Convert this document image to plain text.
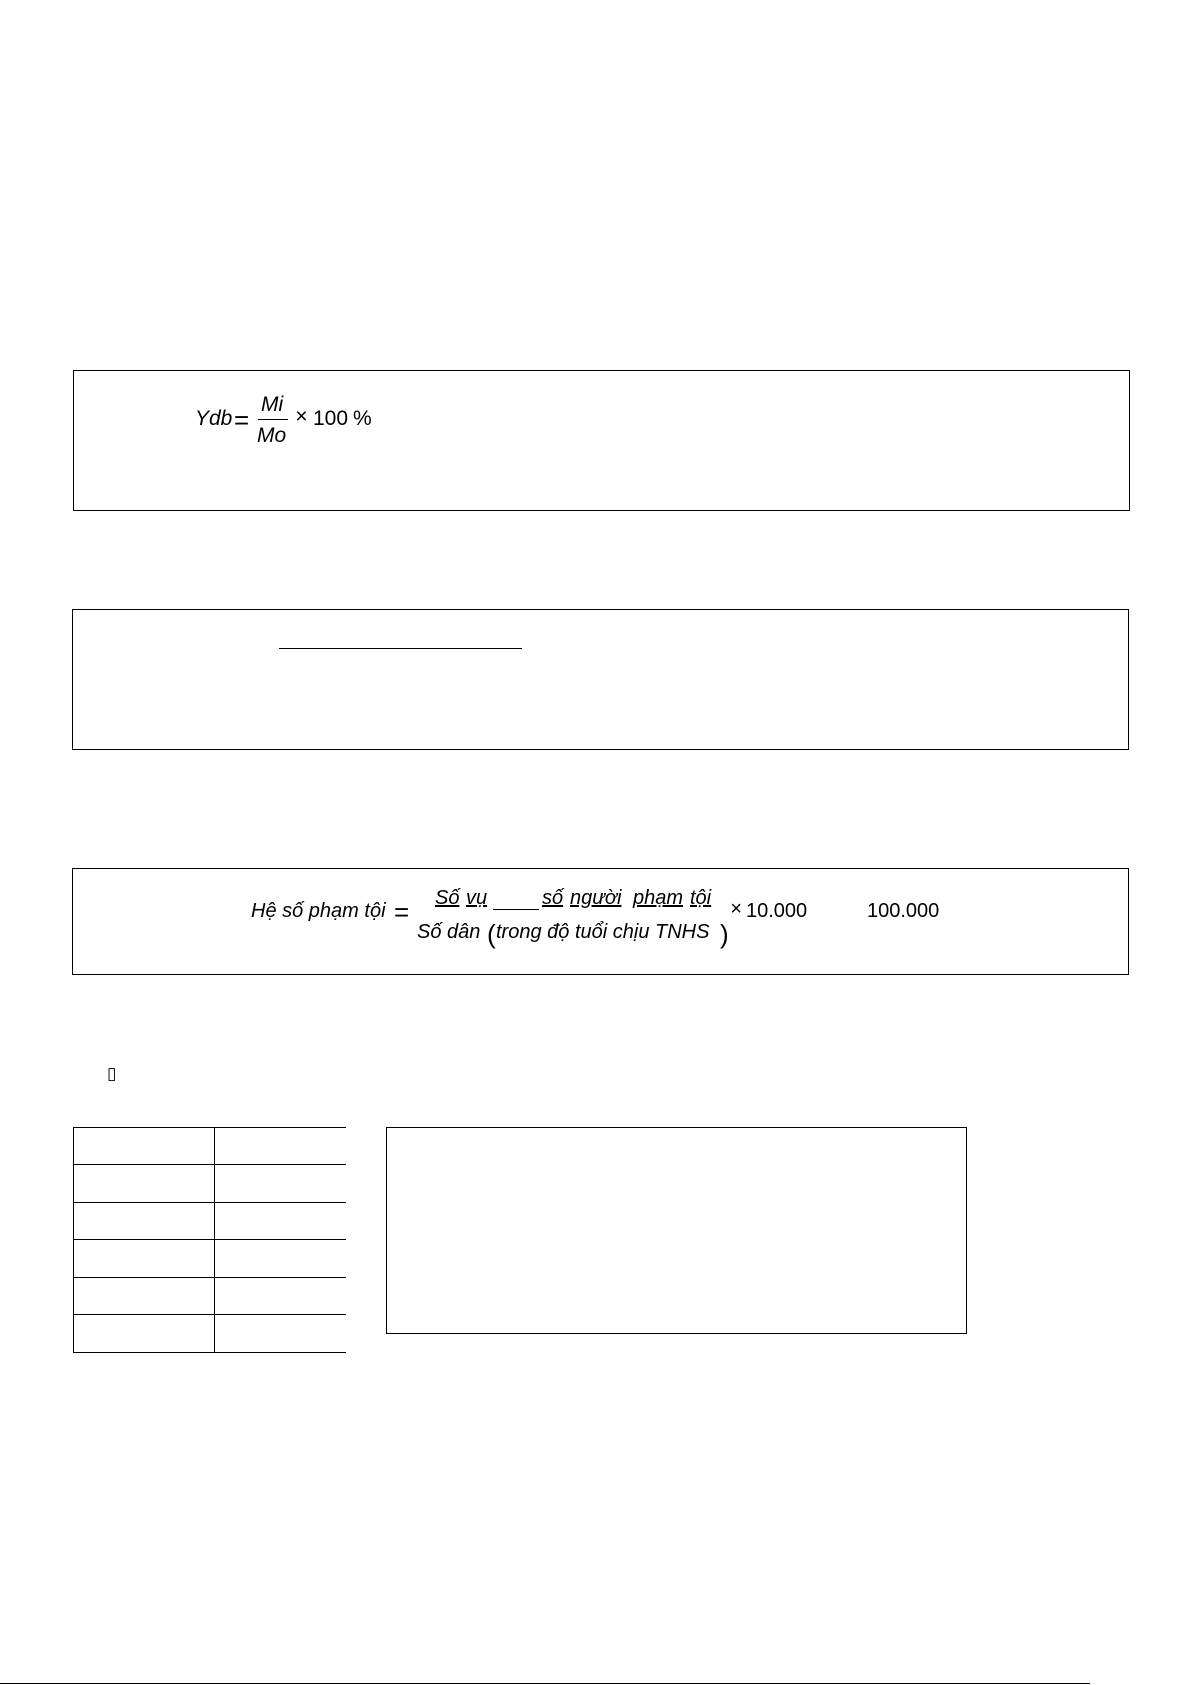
Ydb =
Mi
Mo
× 100 %
Hệ số phạm tội = Số vụ	số người phạm tội
Số dân ( trong độ tuổi chịu TNHS )
× 10.000	100.000
▯
